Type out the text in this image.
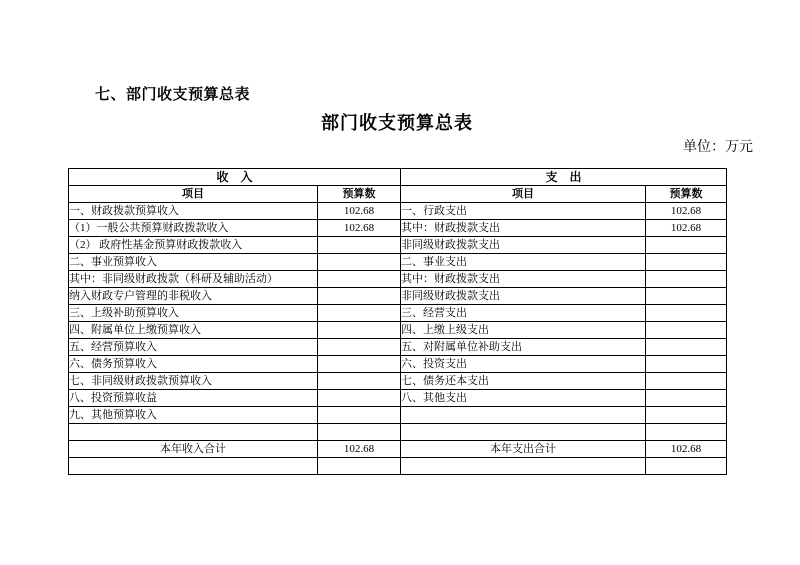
七、部门收支预算总表
部门收支预算总表
单位：万元
收　入		支　出	
项目	预算数	项目	预算数
一、财政拨款预算收入	102.68	一、行政支出	102.68
（1）一般公共预算财政拨款收入	102.68	其中：财政拨款支出	102.68
（2） 政府性基金预算财政拨款收入		非同级财政拨款支出	
二、事业预算收入		二、事业支出	
其中：非同级财政拨款（科研及辅助活动）		其中：财政拨款支出	
纳入财政专户管理的非税收入		非同级财政拨款支出	
三、上级补助预算收入		三、经营支出	
四、附属单位上缴预算收入		四、上缴上级支出	
五、经营预算收入		五、对附属单位补助支出	
六、债务预算收入		六、投资支出	
七、非同级财政拨款预算收入		七、债务还本支出	
八、投资预算收益		八、其他支出	
九、其他预算收入			

本年收入合计	102.68	本年支出合计	102.68
